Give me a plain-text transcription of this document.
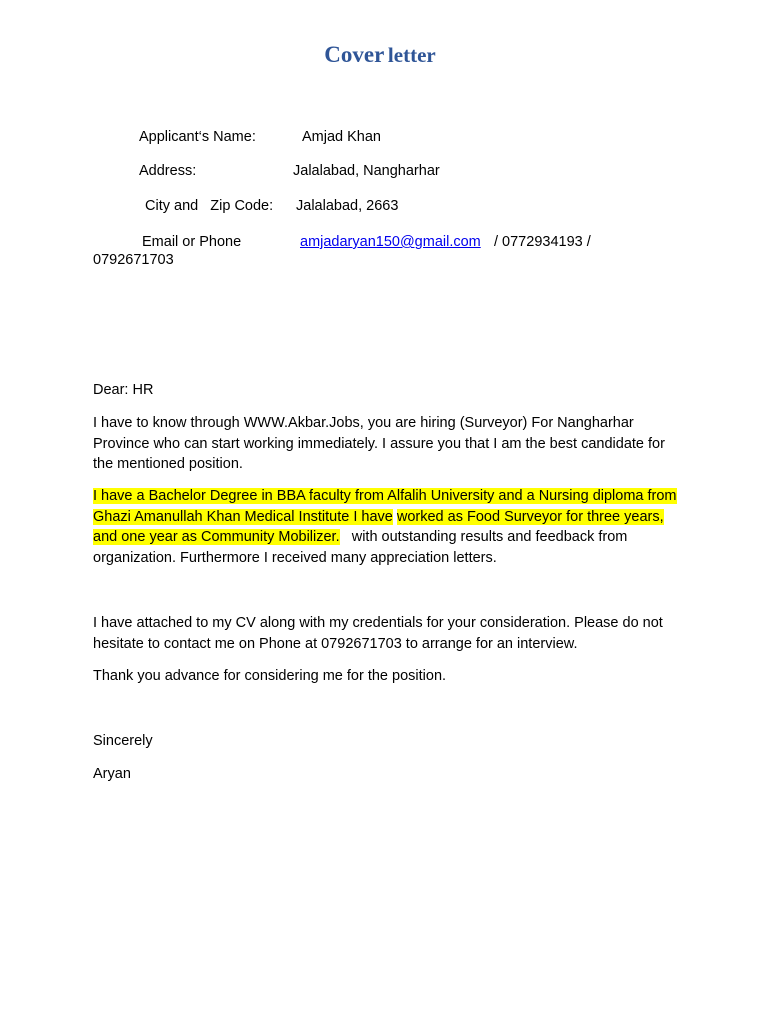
Cover letter
Applicant‘s Name:	Amjad Khan
Address:	Jalalabad, Nangharhar
City and   Zip Code: Jalalabad, 2663
Email or Phone	amjadaryan150@gmail.com / 0772934193 /
0792671703
Dear: HR
I have to know through WWW.Akbar.Jobs, you are hiring (Surveyor) For Nangharhar Province who can start working immediately. I assure you that I am the best candidate for the mentioned position.
I have a Bachelor Degree in BBA faculty from Alfalih University and a Nursing diploma from Ghazi Amanullah Khan Medical Institute I have worked as Food Surveyor for three years, and one year as Community Mobilizer. with outstanding results and feedback from organization. Furthermore I received many appreciation letters.
I have attached to my CV along with my credentials for your consideration. Please do not hesitate to contact me on Phone at 0792671703 to arrange for an interview.
Thank you advance for considering me for the position.
Sincerely
Aryan
